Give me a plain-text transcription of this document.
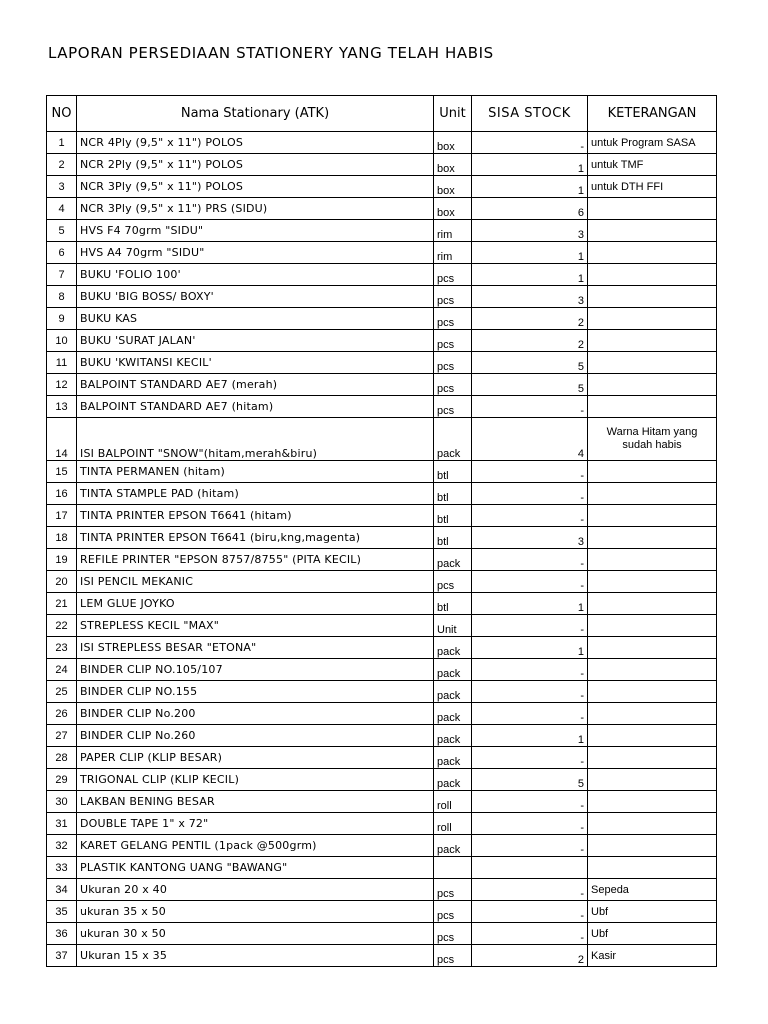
LAPORAN PERSEDIAAN STATIONERY YANG TELAH HABIS
NO	Nama Stationary (ATK)	Unit	SISA STOCK	KETERANGAN
1	NCR 4Ply (9,5" x 11") POLOS	box	-	untuk Program SASA
2	NCR 2Ply (9,5" x 11") POLOS	box	1	untuk TMF
3	NCR 3Ply (9,5" x 11") POLOS	box	1	untuk DTH FFI
4	NCR 3Ply (9,5" x 11") PRS (SIDU)	box	6	
5	HVS F4 70grm "SIDU"	rim	3	
6	HVS A4 70grm "SIDU"	rim	1	
7	BUKU 'FOLIO 100'	pcs	1	
8	BUKU 'BIG BOSS/ BOXY'	pcs	3	
9	BUKU KAS	pcs	2	
10	BUKU 'SURAT JALAN'	pcs	2	
11	BUKU 'KWITANSI KECIL'	pcs	5	
12	BALPOINT STANDARD AE7 (merah)	pcs	5	
13	BALPOINT STANDARD AE7 (hitam)	pcs	-	
14	ISI BALPOINT "SNOW"(hitam,merah&biru)	pack	4	Warna Hitam yang sudah habis
15	TINTA PERMANEN (hitam)	btl	-	
16	TINTA STAMPLE PAD (hitam)	btl	-	
17	TINTA PRINTER EPSON T6641 (hitam)	btl	-	
18	TINTA PRINTER EPSON T6641 (biru,kng,magenta)	btl	3	
19	REFILE PRINTER "EPSON 8757/8755" (PITA KECIL)	pack	-	
20	ISI PENCIL MEKANIC	pcs	-	
21	LEM GLUE JOYKO	btl	1	
22	STREPLESS KECIL "MAX"	Unit	-	
23	ISI STREPLESS BESAR "ETONA"	pack	1	
24	BINDER CLIP NO.105/107	pack	-	
25	BINDER CLIP NO.155	pack	-	
26	BINDER CLIP No.200	pack	-	
27	BINDER CLIP No.260	pack	1	
28	PAPER CLIP (KLIP BESAR)	pack	-	
29	TRIGONAL CLIP (KLIP KECIL)	pack	5	
30	LAKBAN BENING BESAR	roll	-	
31	DOUBLE TAPE 1" x 72"	roll	-	
32	KARET GELANG PENTIL (1pack @500grm)	pack	-	
33	PLASTIK KANTONG UANG "BAWANG"			
34	Ukuran 20 x 40	pcs	-	Sepeda
35	ukuran 35 x 50	pcs	-	Ubf
36	ukuran 30 x 50	pcs	-	Ubf
37	Ukuran 15 x 35	pcs	2	Kasir
